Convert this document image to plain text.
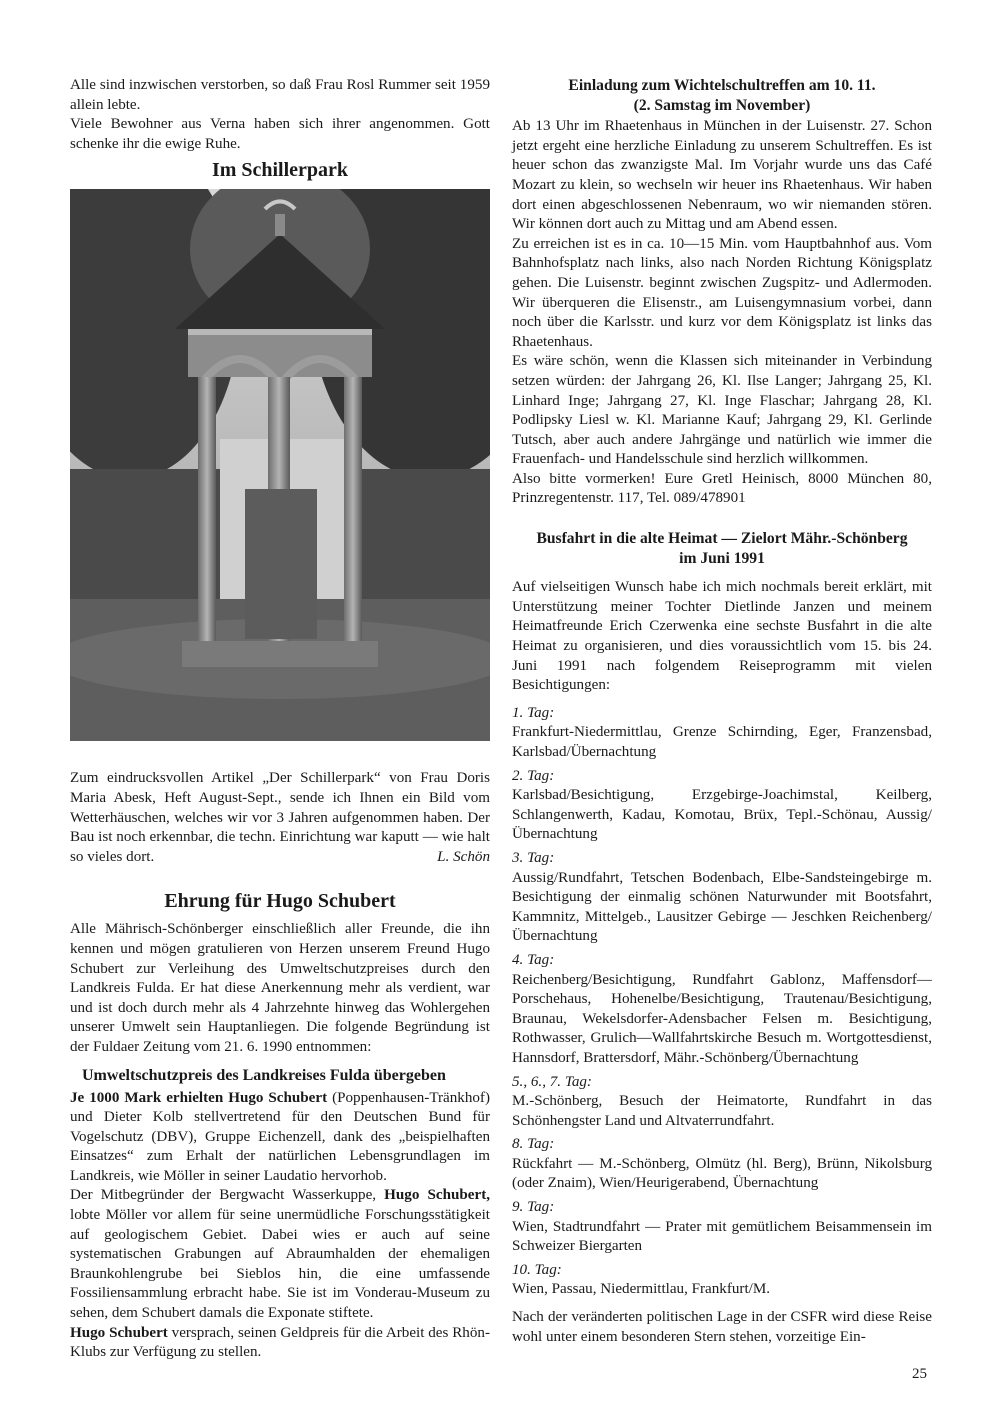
Alle sind inzwischen verstorben, so daß Frau Rosl Rummer seit 1959 allein lebte.

Viele Bewohner aus Verna haben sich ihrer angenommen. Gott schenke ihr die ewige Ruhe.

Im Schillerpark

Zum eindrucksvollen Artikel „Der Schillerpark“ von Frau Doris Maria Abesk, Heft August-Sept., sende ich Ihnen ein Bild vom Wetterhäuschen, welches wir vor 3 Jahren aufgenommen haben. Der Bau ist noch erkennbar, die techn. Einrichtung war kaputt — wie halt so vieles dort.	L. Schön

Ehrung für Hugo Schubert

Alle Mährisch-Schönberger einschließlich aller Freunde, die ihn kennen und mögen gratulieren von Herzen unserem Freund Hugo Schubert zur Verleihung des Umweltschutzpreises durch den Landkreis Fulda. Er hat diese Anerkennung mehr als verdient, war und ist doch durch mehr als 4 Jahrzehnte hinweg das Wohlergehen unserer Umwelt sein Hauptanliegen. Die folgende Begründung ist der Fuldaer Zeitung vom 21. 6. 1990 entnommen:

Umweltschutzpreis des Landkreises Fulda übergeben

Je 1000 Mark erhielten Hugo Schubert (Poppenhausen-Tränkhof) und Dieter Kolb stellvertretend für den Deutschen Bund für Vogelschutz (DBV), Gruppe Eichenzell, dank des „beispielhaften Einsatzes“ zum Erhalt der natürlichen Lebensgrundlagen im Landkreis, wie Möller in seiner Laudatio hervorhob.

Der Mitbegründer der Bergwacht Wasserkuppe, Hugo Schubert, lobte Möller vor allem für seine unermüdliche Forschungsstätigkeit auf geologischem Gebiet. Dabei wies er auch auf seine systematischen Grabungen auf Abraumhalden der ehemaligen Braunkohlengrube bei Sieblos hin, die eine umfassende Fossiliensammlung erbracht habe. Sie ist im Vonderau-Museum zu sehen, dem Schubert damals die Exponate stiftete.

Hugo Schubert versprach, seinen Geldpreis für die Arbeit des Rhön-Klubs zur Verfügung zu stellen.

Einladung zum Wichtelschultreffen am 10. 11.
(2. Samstag im November)

Ab 13 Uhr im Rhaetenhaus in München in der Luisenstr. 27. Schon jetzt ergeht eine herzliche Einladung zu unserem Schultreffen. Es ist heuer schon das zwanzigste Mal. Im Vorjahr wurde uns das Café Mozart zu klein, so wechseln wir heuer ins Rhaetenhaus. Wir haben dort einen abgeschlossenen Nebenraum, wo wir niemanden stören. Wir können dort auch zu Mittag und am Abend essen.

Zu erreichen ist es in ca. 10—15 Min. vom Hauptbahnhof aus. Vom Bahnhofsplatz nach links, also nach Norden Richtung Königsplatz gehen. Die Luisenstr. beginnt zwischen Zugspitz- und Adlermoden. Wir überqueren die Elisenstr., am Luisengymnasium vorbei, dann noch über die Karlsstr. und kurz vor dem Königsplatz ist links das Rhaetenhaus.

Es wäre schön, wenn die Klassen sich miteinander in Verbindung setzen würden: der Jahrgang 26, Kl. Ilse Langer; Jahrgang 25, Kl. Linhard Inge; Jahrgang 27, Kl. Inge Flaschar; Jahrgang 28, Kl. Podlipsky Liesl w. Kl. Marianne Kauf; Jahrgang 29, Kl. Gerlinde Tutsch, aber auch andere Jahrgänge und natürlich wie immer die Frauenfach- und Handelsschule sind herzlich willkommen.

Also bitte vormerken! Eure Gretl Heinisch, 8000 München 80, Prinzregentenstr. 117, Tel. 089/478901

Busfahrt in die alte Heimat — Zielort Mähr.-Schönberg
im Juni 1991

Auf vielseitigen Wunsch habe ich mich nochmals bereit erklärt, mit Unterstützung meiner Tochter Dietlinde Janzen und meinem Heimatfreunde Erich Czerwenka eine sechste Busfahrt in die alte Heimat zu organisieren, und dies voraussichtlich vom 15. bis 24. Juni 1991 nach folgendem Reiseprogramm mit vielen Besichtigungen:

1. Tag:

Frankfurt-Niedermittlau, Grenze Schirnding, Eger, Franzensbad, Karlsbad/Übernachtung

2. Tag:

Karlsbad/Besichtigung, Erzgebirge-Joachimstal, Keilberg, Schlangenwerth, Kadau, Komotau, Brüx, Tepl.-Schönau, Aussig/Übernachtung

3. Tag:

Aussig/Rundfahrt, Tetschen Bodenbach, Elbe-Sandsteingebirge m. Besichtigung der einmalig schönen Naturwunder mit Bootsfahrt, Kammnitz, Mittelgeb., Lausitzer Gebirge — Jeschken Reichenberg/Übernachtung

4. Tag:

Reichenberg/Besichtigung, Rundfahrt Gablonz, Maffensdorf—Porschehaus, Hohenelbe/Besichtigung, Trautenau/Besichtigung, Braunau, Wekelsdorfer-Adensbacher Felsen m. Besichtigung, Rothwasser, Grulich—Wallfahrtskirche Besuch m. Wortgottesdienst, Hannsdorf, Brattersdorf, Mähr.-Schönberg/Übernachtung

5., 6., 7. Tag:

M.-Schönberg, Besuch der Heimatorte, Rundfahrt in das Schönhengster Land und Altvaterrundfahrt.

8. Tag:

Rückfahrt — M.-Schönberg, Olmütz (hl. Berg), Brünn, Nikolsburg (oder Znaim), Wien/Heurigerabend, Übernachtung

9. Tag:

Wien, Stadtrundfahrt — Prater mit gemütlichem Beisammensein im Schweizer Biergarten

10. Tag:

Wien, Passau, Niedermittlau, Frankfurt/M.

Nach der veränderten politischen Lage in der CSFR wird diese Reise wohl unter einem besonderen Stern stehen, vorzeitige Ein-

25
